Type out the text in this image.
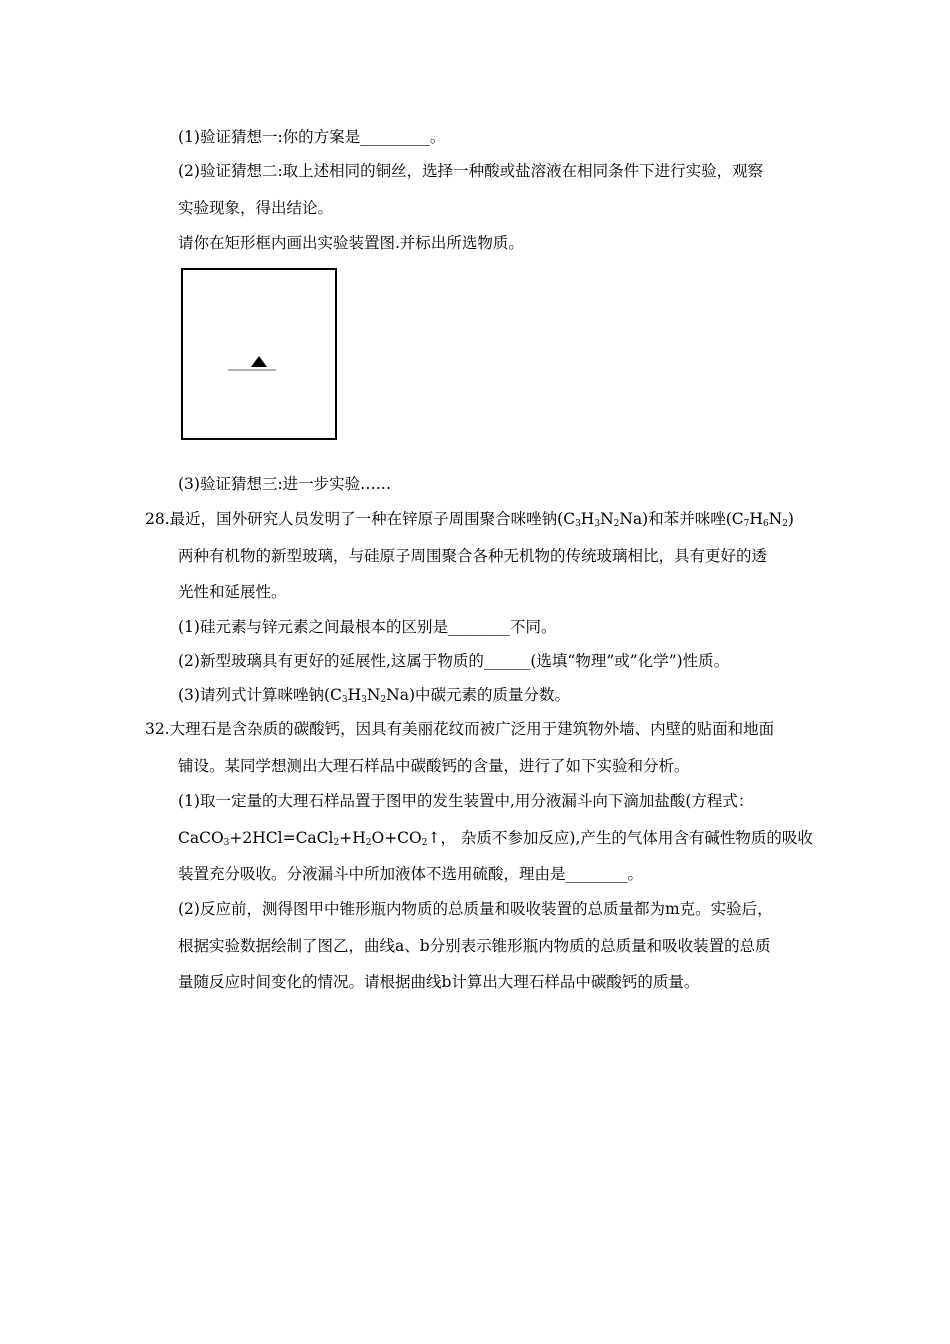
(1)验证猜想一:你的方案是_________。
(2)验证猜想二:取上述相同的铜丝，选择一种酸或盐溶液在相同条件下进行实验，观察
实验现象，得出结论。
请你在矩形框内画出实验装置图.并标出所选物质。
(3)验证猜想三:进一步实验……
28.最近，国外研究人员发明了一种在锌原子周围聚合咪唑钠$(C_3H_3N_2Na)$和苯并咪唑$(C_7H_6N_2)$
两种有机物的新型玻璃，与硅原子周围聚合各种无机物的传统玻璃相比，具有更好的透
光性和延展性。
(1)硅元素与锌元素之间最根本的区别是________不同。
(2)新型玻璃具有更好的延展性,这属于物质的______(选填“物理”或”化学”)性质。
(3)请列式计算咪唑钠$(C_3H_3N_2Na)$中碳元素的质量分数。
32.大理石是含杂质的碳酸钙，因具有美丽花纹而被广泛用于建筑物外墙、内壁的贴面和地面
铺设。某同学想测出大理石样品中碳酸钙的含量，进行了如下实验和分析。
(1)取一定量的大理石样品置于图甲的发生装置中,用分液漏斗向下滴加盐酸(方程式：
$CaCO_3+2HCl=CaCl_2+H_2O+CO_2↑$， 杂质不参加反应),产生的气体用含有碱性物质的吸收
装置充分吸收。分液漏斗中所加液体不选用硫酸，理由是________。
(2)反应前，测得图甲中锥形瓶内物质的总质量和吸收装置的总质量都为m克。实验后，
根据实验数据绘制了图乙，曲线a、b分别表示锥形瓶内物质的总质量和吸收装置的总质
量随反应时间变化的情况。请根据曲线b计算出大理石样品中碳酸钙的质量。
